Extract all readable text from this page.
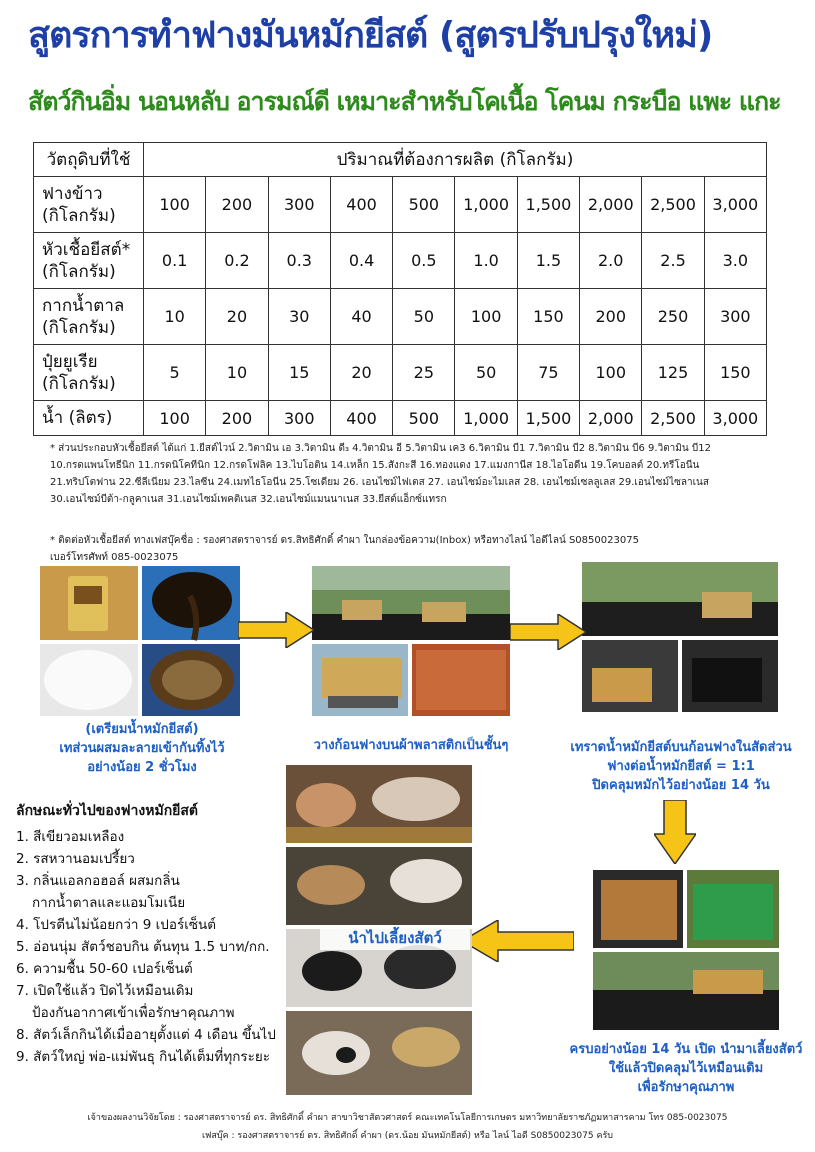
สูตรการทำฟางมันหมักยีสต์ (สูตรปรับปรุงใหม่)
สัตว์กินอิ่ม นอนหลับ อารมณ์ดี เหมาะสำหรับโคเนื้อ โคนม กระบือ แพะ แกะ
วัตถุดิบที่ใช้	ปริมาณที่ต้องการผลิต (กิโลกรัม)									
ฟางข้าว
(กิโลกรัม)	100	200	300	400	500	1,000	1,500	2,000	2,500	3,000
หัวเชื้อยีสต์*
(กิโลกรัม)	0.1	0.2	0.3	0.4	0.5	1.0	1.5	2.0	2.5	3.0
กากน้ำตาล
(กิโลกรัม)	10	20	30	40	50	100	150	200	250	300
ปุ๋ยยูเรีย
(กิโลกรัม)	5	10	15	20	25	50	75	100	125	150
น้ำ (ลิตร)	100	200	300	400	500	1,000	1,500	2,000	2,500	3,000
* ส่วนประกอบหัวเชื้อยีสต์ ได้แก่ 1.ยีสต์ไวน์ 2.วิตามิน เอ 3.วิตามิน ดี₃ 4.วิตามิน อี 5.วิตามิน เค3 6.วิตามิน บี1 7.วิตามิน บี2 8.วิตามิน บี6 9.วิตามิน บี12
10.กรดแพนโทธีนิก 11.กรดนิโคทีนิก 12.กรดโฟลิค 13.ไบโอติน 14.เหล็ก 15.สังกะสี 16.ทองแดง 17.แมงกานีส 18.ไอโอดีน 19.โคบอลต์ 20.ทรีโอนีน
21.ทริปโตฟาน 22.ซีลีเนียม 23.ไลซีน 24.เมทไธโอนีน 25.โซเดียม 26. เอนไซม์ไฟเตส 27. เอนไซม์อะไมเลส 28. เอนไซม์เซลลูเลส 29.เอนไซม์ไซลาเนส
30.เอนไซม์บีต้า-กลูคาเนส 31.เอนไซม์เพคติเนส 32.เอนไซม์แมนนาเนส 33.ยีสต์แอ็กซ์แทรก
* ติดต่อหัวเชื้อยีสต์ ทางเฟสบุ๊คชื่อ : รองศาสตราจารย์ ดร.สิทธิศักดิ์ คำผา ในกล่องข้อความ(Inbox) หรือทางไลน์ ไอดีไลน์ S0850023075
เบอร์โทรศัพท์ 085-0023075
(เตรียมน้ำหมักยีสต์)
เทส่วนผสมละลายเข้ากันทิ้งไว้
อย่างน้อย 2 ชั่วโมง
วางก้อนฟางบนผ้าพลาสติกเป็นชั้นๆ	เทราดน้ำหมักยีสต์บนก้อนฟางในสัดส่วน
ฟางต่อน้ำหมักยีสต์ = 1:1
ปิดคลุมหมักไว้อย่างน้อย 14 วัน
ครบอย่างน้อย 14 วัน เปิด นำมาเลี้ยงสัตว์
ใช้แล้วปิดคลุมไว้เหมือนเดิม
เพื่อรักษาคุณภาพ
นำไปเลี้ยงสัตว์
ลักษณะทั่วไปของฟางหมักยีสต์
1. สีเขียวอมเหลือง
2. รสหวานอมเปรี้ยว
3. กลิ่นแอลกอฮอล์ ผสมกลิ่น
กากน้ำตาลและแอมโมเนีย
4. โปรตีนไม่น้อยกว่า 9 เปอร์เซ็นต์
5. อ่อนนุ่ม สัตว์ชอบกิน ต้นทุน 1.5 บาท/กก.
6. ความชื้น 50-60 เปอร์เซ็นต์
7. เปิดใช้แล้ว ปิดไว้เหมือนเดิม
ป้องกันอากาศเข้าเพื่อรักษาคุณภาพ
8. สัตว์เล็กกินได้เมื่ออายุตั้งแต่ 4 เดือน ขึ้นไป
9. สัตว์ใหญ่ พ่อ-แม่พันธุ กินได้เต็มที่ทุกระยะ
เจ้าของผลงานวิจัยโดย : รองศาสตราจารย์ ดร. สิทธิศักดิ์ คำผา สาขาวิชาสัตวศาสตร์ คณะเทคโนโลยีการเกษตร มหาวิทยาลัยราชภัฏมหาสารคาม โทร 085-0023075
เฟสบุ๊ค : รองศาสตราจารย์ ดร. สิทธิศักดิ์ คำผา (ดร.น้อย มันหมักยีสต์) หรือ ไลน์ ไอดี S0850023075 ครับ
